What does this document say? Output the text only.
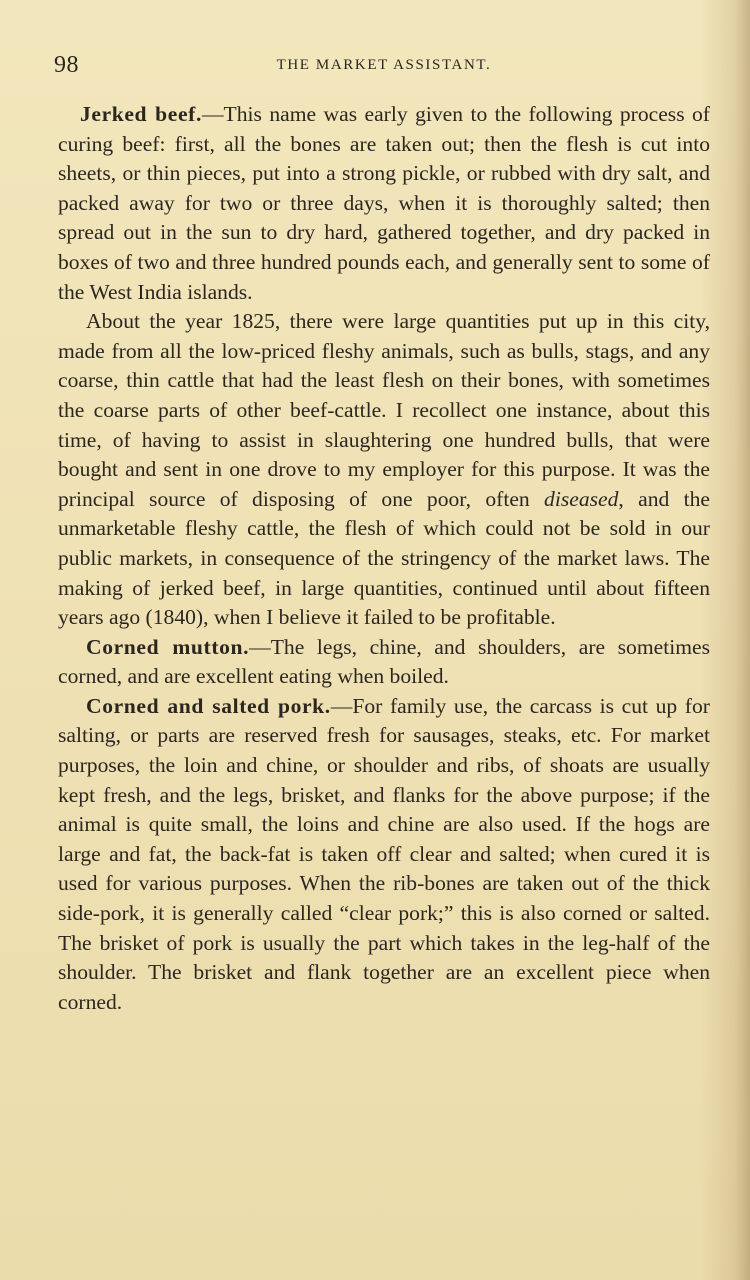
98	THE MARKET ASSISTANT.

Jerked beef.—This name was early given to the following process of curing beef: first, all the bones are taken out; then the flesh is cut into sheets, or thin pieces, put into a strong pickle, or rubbed with dry salt, and packed away for two or three days, when it is thoroughly salted; then spread out in the sun to dry hard, gathered together, and dry packed in boxes of two and three hundred pounds each, and generally sent to some of the West India islands.

About the year 1825, there were large quantities put up in this city, made from all the low-priced fleshy animals, such as bulls, stags, and any coarse, thin cattle that had the least flesh on their bones, with sometimes the coarse parts of other beef-cattle. I recollect one instance, about this time, of having to assist in slaughtering one hundred bulls, that were bought and sent in one drove to my employer for this purpose. It was the principal source of disposing of one poor, often diseased, and the unmarketable fleshy cattle, the flesh of which could not be sold in our public markets, in consequence of the stringency of the market laws. The making of jerked beef, in large quantities, continued until about fifteen years ago (1840), when I believe it failed to be profitable.

Corned mutton.—The legs, chine, and shoulders, are sometimes corned, and are excellent eating when boiled.

Corned and salted pork.—For family use, the carcass is cut up for salting, or parts are reserved fresh for sausages, steaks, etc. For market purposes, the loin and chine, or shoulder and ribs, of shoats are usually kept fresh, and the legs, brisket, and flanks for the above purpose; if the animal is quite small, the loins and chine are also used. If the hogs are large and fat, the back-fat is taken off clear and salted; when cured it is used for various purposes. When the rib-bones are taken out of the thick side-pork, it is generally called “clear pork;” this is also corned or salted. The brisket of pork is usually the part which takes in the leg-half of the shoulder. The brisket and flank together are an excellent piece when corned.
